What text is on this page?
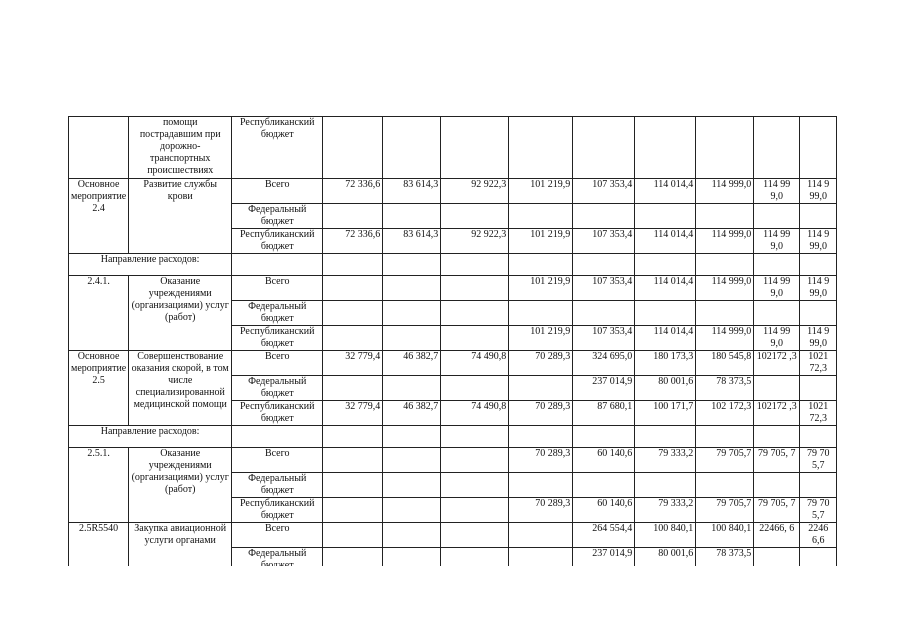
	помощи пострадавшим при дорожно-транспортных происшествиях	Республиканский бюджет									
Основное мероприятие 2.4	Развитие службы крови	Всего	72 336,6	83 614,3	92 922,3	101 219,9	107 353,4	114 014,4	114 999,0	114 99 9,0	114 9 99,0
		Федеральный бюджет									
		Республиканский бюджет	72 336,6	83 614,3	92 922,3	101 219,9	107 353,4	114 014,4	114 999,0	114 99 9,0	114 9 99,0
Направление расходов:											
2.4.1.	Оказание учреждениями (организациями) услуг (работ)	Всего				101 219,9	107 353,4	114 014,4	114 999,0	114 99 9,0	114 9 99,0
		Федеральный бюджет									
		Республиканский бюджет				101 219,9	107 353,4	114 014,4	114 999,0	114 99 9,0	114 9 99,0
Основное мероприятие 2.5	Совершенствование оказания скорой, в том числе специализированной медицинской помощи	Всего	32 779,4	46 382,7	74 490,8	70 289,3	324 695,0	180 173,3	180 545,8	102172 ,3	1021 72,3
		Федеральный бюджет					237 014,9	80 001,6	78 373,5		
		Республиканский бюджет	32 779,4	46 382,7	74 490,8	70 289,3	87 680,1	100 171,7	102 172,3	102172 ,3	1021 72,3
Направление расходов:											
2.5.1.	Оказание учреждениями (организациями) услуг (работ)	Всего				70 289,3	60 140,6	79 333,2	79 705,7	79 705, 7	79 70 5,7
		Федеральный бюджет									
		Республиканский бюджет				70 289,3	60 140,6	79 333,2	79 705,7	79 705, 7	79 70 5,7
2.5R5540	Закупка авиационной услуги органами	Всего					264 554,4	100 840,1	100 840,1	22466, 6	2246 6,6
		Федеральный					237 014,9	80 001,6	78 373,5		
